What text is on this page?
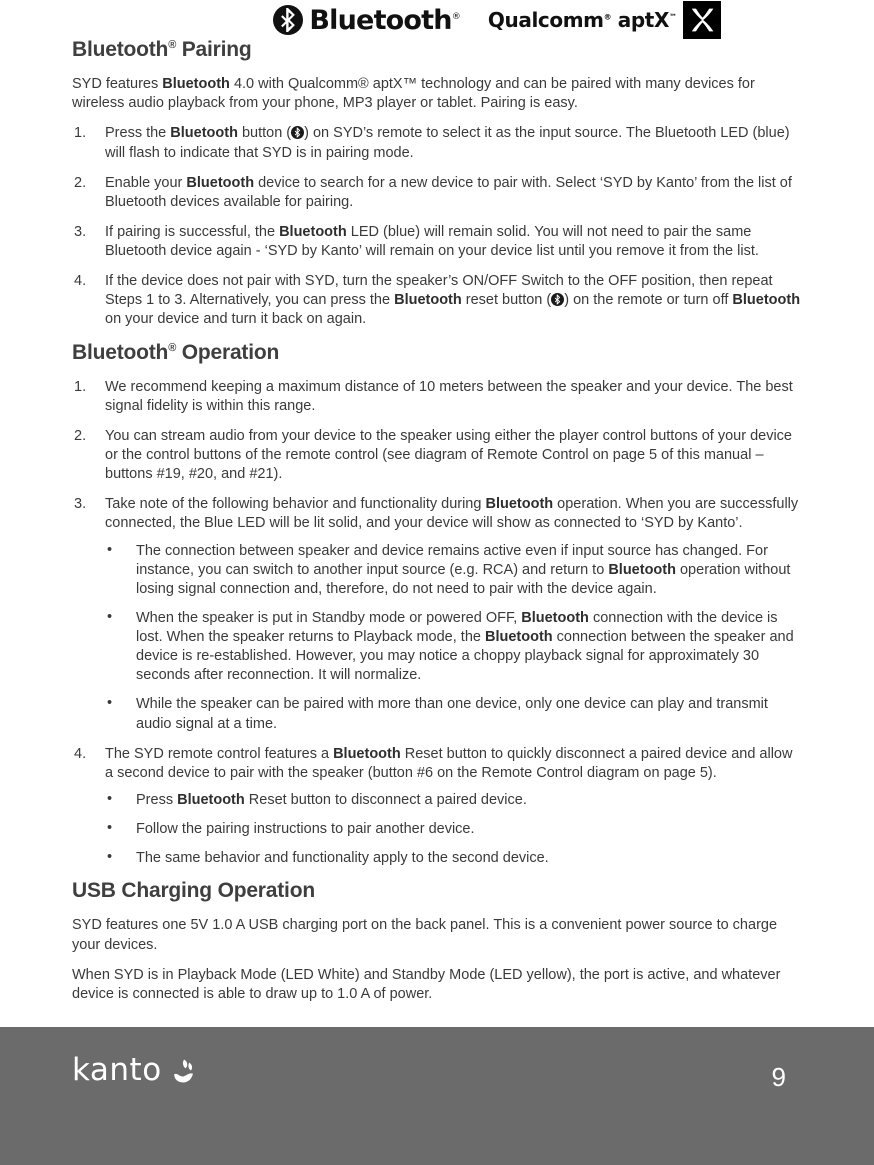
Bluetooth® Qualcomm® aptX™
Bluetooth® Pairing

SYD features Bluetooth 4.0 with Qualcomm® aptX™ technology and can be paired with many devices for wireless audio playback from your phone, MP3 player or tablet. Pairing is easy.

1.	Press the Bluetooth button ( ) on SYD’s remote to select it as the input source. The Bluetooth LED (blue) will flash to indicate that SYD is in pairing mode.
2.	Enable your Bluetooth device to search for a new device to pair with. Select ‘SYD by Kanto’ from the list of Bluetooth devices available for pairing.
3.	If pairing is successful, the Bluetooth LED (blue) will remain solid. You will not need to pair the same Bluetooth device again - ‘SYD by Kanto’ will remain on your device list until you remove it from the list.
4.	If the device does not pair with SYD, turn the speaker’s ON/OFF Switch to the OFF position, then repeat Steps 1 to 3. Alternatively, you can press the Bluetooth reset button ( ) on the remote or turn off Bluetooth on your device and turn it back on again.
Bluetooth® Operation
1.	We recommend keeping a maximum distance of 10 meters between the speaker and your device. The best signal fidelity is within this range.
2.	You can stream audio from your device to the speaker using either the player control buttons of your device or the control buttons of the remote control (see diagram of Remote Control on page 5 of this manual – buttons #19, #20, and #21).
3.	Take note of the following behavior and functionality during Bluetooth operation. When you are successfully connected, the Blue LED will be lit solid, and your device will show as connected to ‘SYD by Kanto’.
• The connection between speaker and device remains active even if input source has changed. For instance, you can switch to another input source (e.g. RCA) and return to Bluetooth operation without losing signal connection and, therefore, do not need to pair with the device again.
• When the speaker is put in Standby mode or powered OFF, Bluetooth connection with the device is lost. When the speaker returns to Playback mode, the Bluetooth connection between the speaker and device is re-established. However, you may notice a choppy playback signal for approximately 30 seconds after reconnection. It will normalize.
• While the speaker can be paired with more than one device, only one device can play and transmit audio signal at a time.
4.	The SYD remote control features a Bluetooth Reset button to quickly disconnect a paired device and allow a second device to pair with the speaker (button #6 on the Remote Control diagram on page 5).
• Press Bluetooth Reset button to disconnect a paired device.
• Follow the pairing instructions to pair another device.
• The same behavior and functionality apply to the second device.
USB Charging Operation

SYD features one 5V 1.0 A USB charging port on the back panel. This is a convenient power source to charge your devices.

When SYD is in Playback Mode (LED White) and Standby Mode (LED yellow), the port is active, and whatever device is connected is able to draw up to 1.0 A of power.

kanto	9
